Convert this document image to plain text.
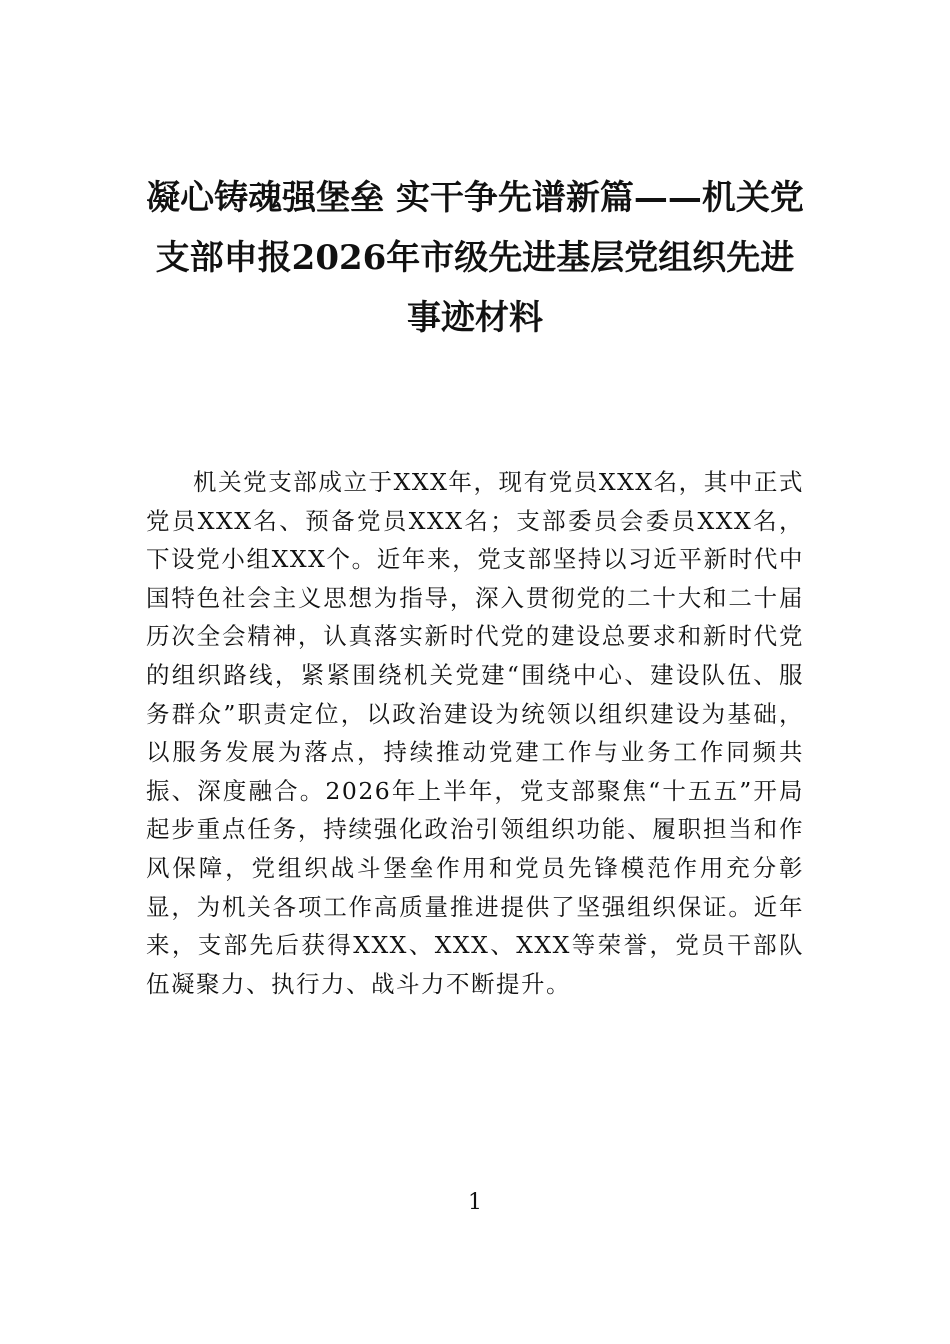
凝心铸魂强堡垒 实干争先谱新篇——机关党支部申报2026年市级先进基层党组织先进事迹材料

机关党支部成立于XXX年，现有党员XXX名，其中正式党员XXX名、预备党员XXX名；支部委员会委员XXX名，下设党小组XXX个。近年来，党支部坚持以习近平新时代中国特色社会主义思想为指导，深入贯彻党的二十大和二十届历次全会精神，认真落实新时代党的建设总要求和新时代党的组织路线，紧紧围绕机关党建“围绕中心、建设队伍、服务群众”职责定位，以政治建设为统领以组织建设为基础，以服务发展为落点，持续推动党建工作与业务工作同频共振、深度融合。2026年上半年，党支部聚焦“十五五”开局起步重点任务，持续强化政治引领组织功能、履职担当和作风保障，党组织战斗堡垒作用和党员先锋模范作用充分彰显，为机关各项工作高质量推进提供了坚强组织保证。近年来，支部先后获得XXX、XXX、XXX等荣誉，党员干部队伍凝聚力、执行力、战斗力不断提升。

1
